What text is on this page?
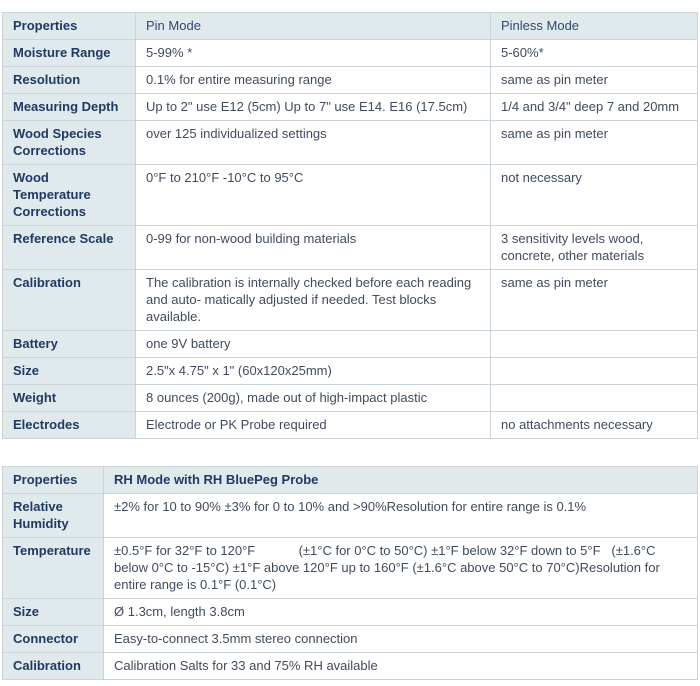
Properties	Pin Mode	Pinless Mode
Moisture Range	5-99% *	5-60%*
Resolution	0.1% for entire measuring range	same as pin meter
Measuring Depth	Up to 2" use E12 (5cm) Up to 7" use E14. E16 (17.5cm)	1/4 and 3/4" deep 7 and 20mm
Wood Species Corrections	over 125 individualized settings	same as pin meter
Wood Temperature Corrections	0°F to 210°F -10°C to 95°C	not necessary
Reference Scale	0-99 for non-wood building materials	3 sensitivity levels wood, concrete, other materials
Calibration	The calibration is internally checked before each reading and auto- matically adjusted if needed. Test blocks available.	same as pin meter
Battery	one 9V battery	
Size	2.5"x 4.75" x 1" (60x120x25mm)	
Weight	8 ounces (200g), made out of high-impact plastic	
Electrodes	Electrode or PK Probe required	no attachments necessary
Properties	RH Mode with RH BluePeg Probe
Relative Humidity	±2% for 10 to 90% ±3% for 0 to 10% and >90%Resolution for entire range is 0.1%
Temperature	±0.5°F for 32°F to 120°F            (±1°C for 0°C to 50°C) ±1°F below 32°F down to 5°F   (±1.6°C below 0°C to -15°C) ±1°F above 120°F up to 160°F (±1.6°C above 50°C to 70°C)Resolution for entire range is 0.1°F (0.1°C)
Size	Ø 1.3cm, length 3.8cm
Connector	Easy-to-connect 3.5mm stereo connection
Calibration	Calibration Salts for 33 and 75% RH available
